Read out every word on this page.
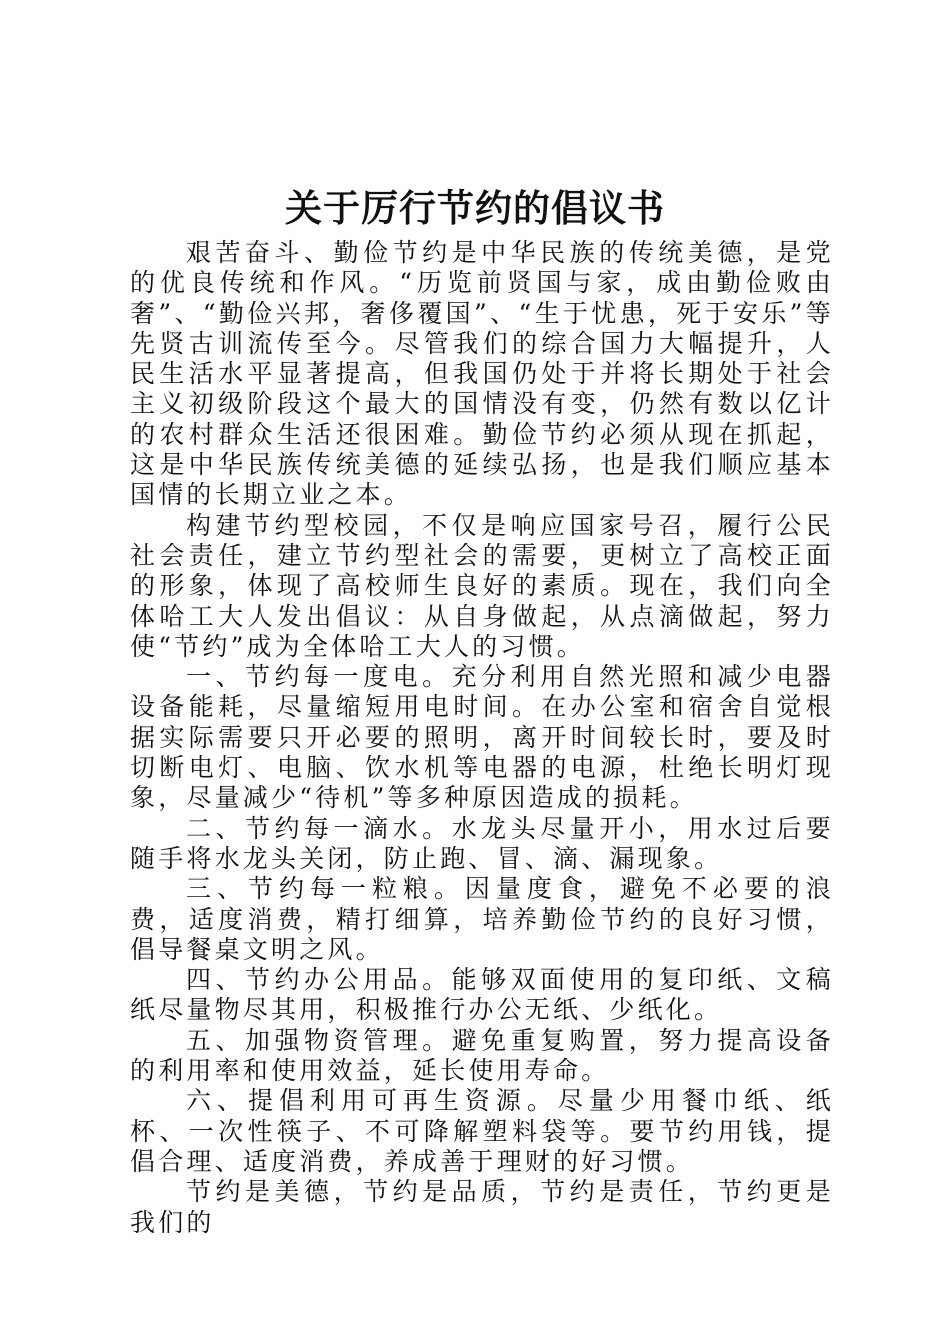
关于厉行节约的倡议书

艰苦奋斗、勤俭节约是中华民族的传统美德，是党的优良传统和作风。“历览前贤国与家，成由勤俭败由奢”、“勤俭兴邦，奢侈覆国”、“生于忧患，死于安乐”等先贤古训流传至今。尽管我们的综合国力大幅提升，人民生活水平显著提高，但我国仍处于并将长期处于社会主义初级阶段这个最大的国情没有变，仍然有数以亿计的农村群众生活还很困难。勤俭节约必须从现在抓起，这是中华民族传统美德的延续弘扬，也是我们顺应基本国情的长期立业之本。

构建节约型校园，不仅是响应国家号召，履行公民社会责任，建立节约型社会的需要，更树立了高校正面的形象，体现了高校师生良好的素质。现在，我们向全体哈工大人发出倡议：从自身做起，从点滴做起，努力使“节约”成为全体哈工大人的习惯。

一、节约每一度电。充分利用自然光照和减少电器设备能耗，尽量缩短用电时间。在办公室和宿舍自觉根据实际需要只开必要的照明，离开时间较长时，要及时切断电灯、电脑、饮水机等电器的电源，杜绝长明灯现象，尽量减少“待机”等多种原因造成的损耗。

二、节约每一滴水。水龙头尽量开小，用水过后要随手将水龙头关闭，防止跑、冒、滴、漏现象。

三、节约每一粒粮。因量度食，避免不必要的浪费，适度消费，精打细算，培养勤俭节约的良好习惯，倡导餐桌文明之风。

四、节约办公用品。能够双面使用的复印纸、文稿纸尽量物尽其用，积极推行办公无纸、少纸化。

五、加强物资管理。避免重复购置，努力提高设备的利用率和使用效益，延长使用寿命。

六、提倡利用可再生资源。尽量少用餐巾纸、纸杯、一次性筷子、不可降解塑料袋等。要节约用钱，提倡合理、适度消费，养成善于理财的好习惯。

节约是美德，节约是品质，节约是责任，节约更是我们的
